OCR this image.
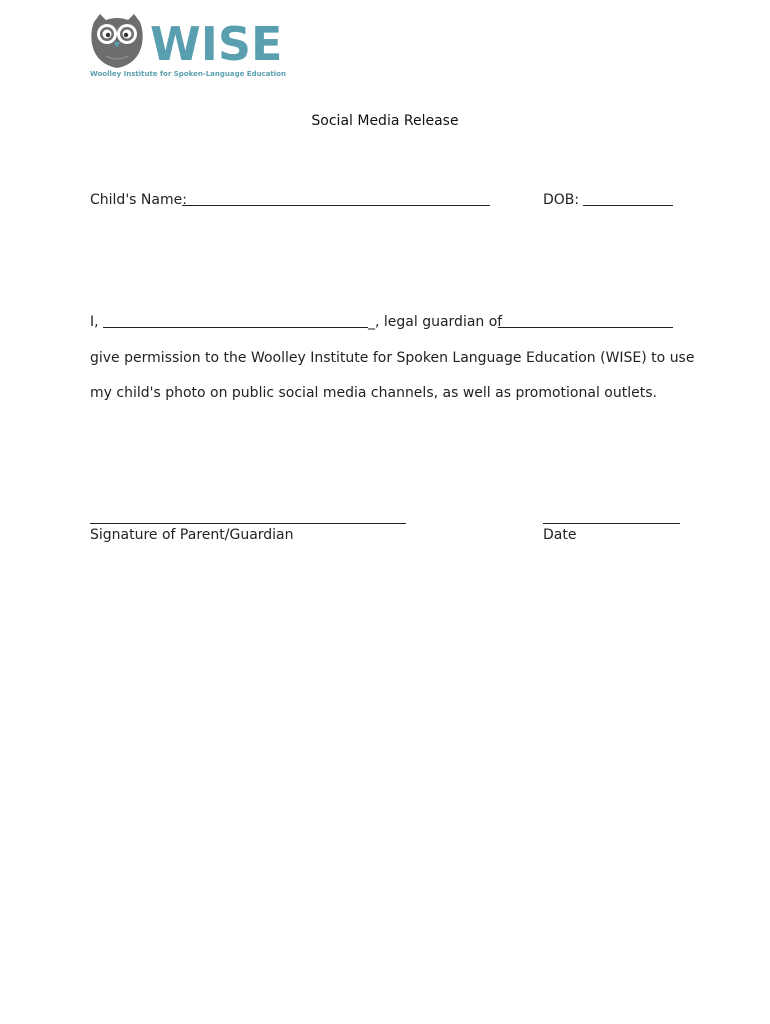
WISE
Woolley Institute for Spoken-Language Education
Social Media Release
Child's Name:	DOB:
I,	_, legal guardian of
give permission to the Woolley Institute for Spoken Language Education (WISE) to use
my child's photo on public social media channels, as well as promotional outlets.
Signature of Parent/Guardian	Date
